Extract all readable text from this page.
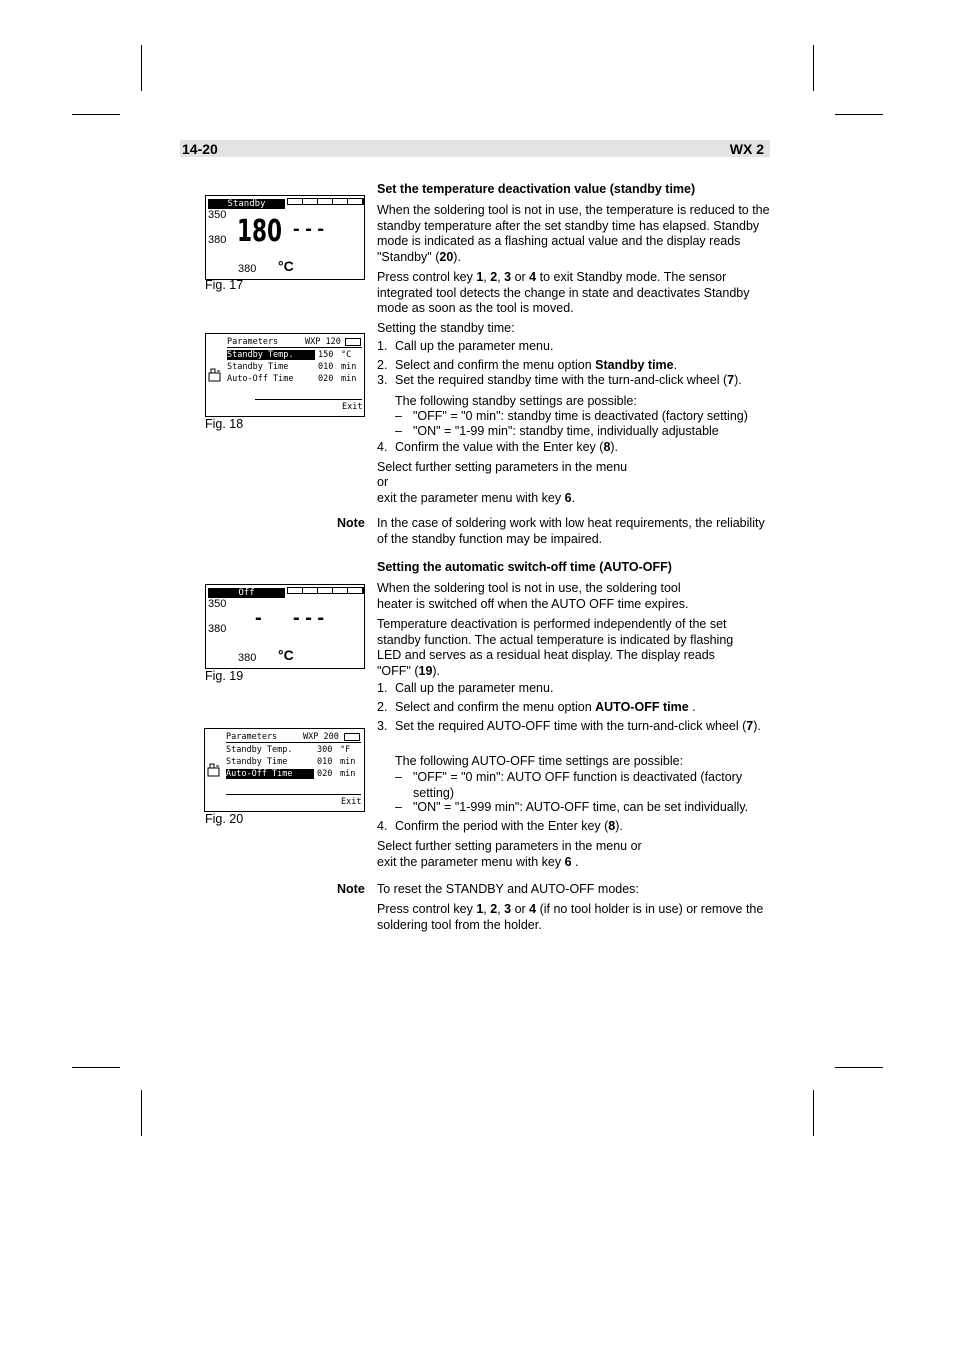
14-20	WX 2
Standby
350
380 180 - - -
380 °C
Fig. 17
Parameters	WXP 120
Standby Temp.	150 °C
Standby Time	010 min
Auto-Off Time	020 min
Exit
Fig. 18
Off
350
380 - - - -
380 °C
Fig. 19
Parameters	WXP 200
Standby Temp.	300 °F
Standby Time	010 min
Auto-Off Time	020 min
Exit
Fig. 20
Set the temperature deactivation value (standby time)
When the soldering tool is not in use, the temperature is reduced to the standby temperature after the set standby time has elapsed. Standby mode is indicated as a flashing actual value and the display reads "Standby" (20).
Press control key 1, 2, 3 or 4 to exit Standby mode. The sensor integrated tool detects the change in state and deactivates Standby mode as soon as the tool is moved.
Setting the standby time:
1. Call up the parameter menu.
2. Select and confirm the menu option Standby time.
3. Set the required standby time with the turn-and-click wheel (7).
The following standby settings are possible:
– "OFF" = "0 min": standby time is deactivated (factory setting)
– "ON" = "1-99 min": standby time, individually adjustable
4. Confirm the value with the Enter key (8).
Select further setting parameters in the menu
or
exit the parameter menu with key 6.
Note In the case of soldering work with low heat requirements, the reliability of the standby function may be impaired.
Setting the automatic switch-off time (AUTO-OFF)
When the soldering tool is not in use, the soldering tool heater is switched off when the AUTO OFF time expires.
Temperature deactivation is performed independently of the set standby function. The actual temperature is indicated by flashing LED and serves as a residual heat display. The display reads "OFF" (19).
1. Call up the parameter menu.
2. Select and confirm the menu option AUTO-OFF time .
3. Set the required AUTO-OFF time with the turn-and-click wheel (7).
The following AUTO-OFF time settings are possible:
– "OFF" = "0 min": AUTO OFF function is deactivated (factory setting)
– "ON" = "1-999 min": AUTO-OFF time, can be set individually.
4. Confirm the period with the Enter key (8).
Select further setting parameters in the menu or
exit the parameter menu with key 6 .
Note To reset the STANDBY and AUTO-OFF modes:
Press control key 1, 2, 3 or 4 (if no tool holder is in use) or remove the soldering tool from the holder.
